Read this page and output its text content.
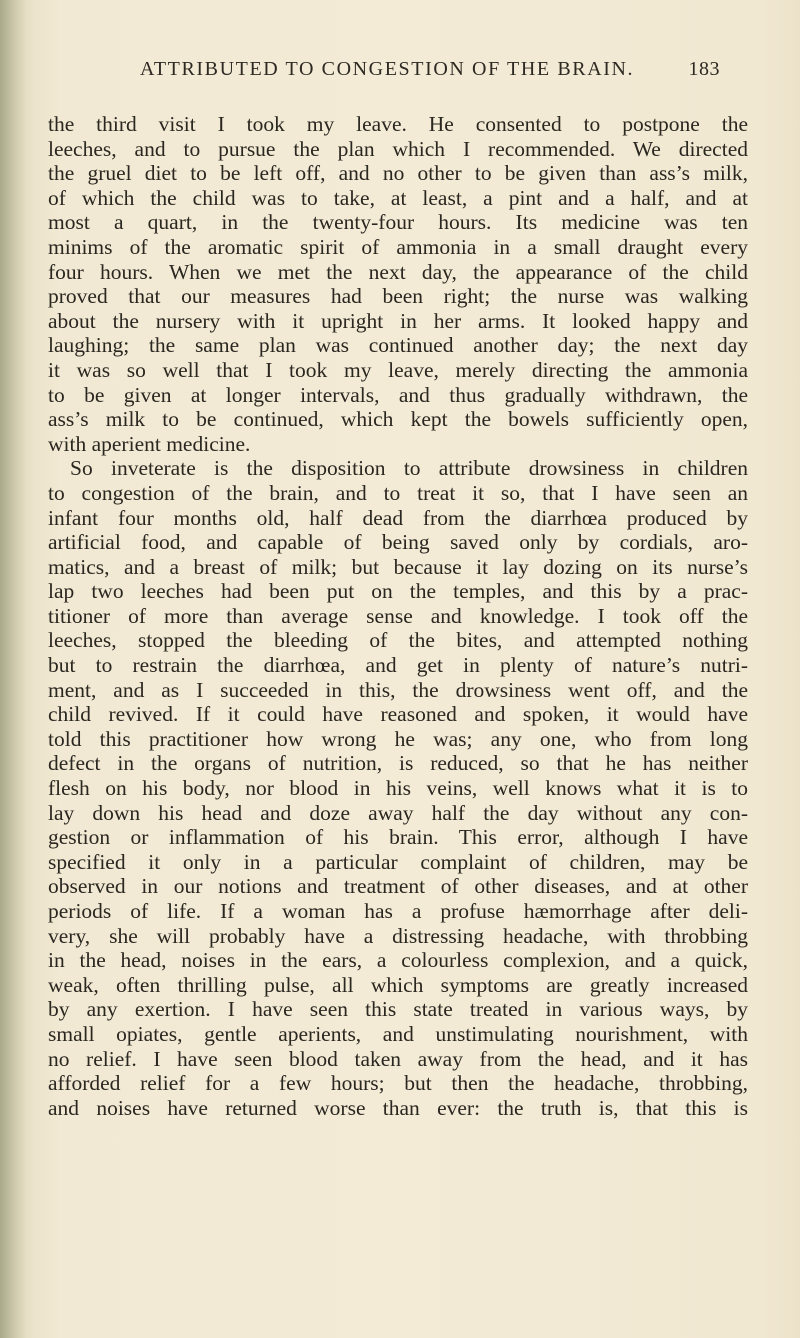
ATTRIBUTED TO CONGESTION OF THE BRAIN.	183
the third visit I took my leave. He consented to postpone the
leeches, and to pursue the plan which I recommended. We directed
the gruel diet to be left off, and no other to be given than ass’s milk,
of which the child was to take, at least, a pint and a half, and at
most a quart, in the twenty-four hours. Its medicine was ten
minims of the aromatic spirit of ammonia in a small draught every
four hours. When we met the next day, the appearance of the child
proved that our measures had been right; the nurse was walking
about the nursery with it upright in her arms. It looked happy and
laughing; the same plan was continued another day; the next day
it was so well that I took my leave, merely directing the ammonia
to be given at longer intervals, and thus gradually withdrawn, the
ass’s milk to be continued, which kept the bowels sufficiently open,
with aperient medicine.
So inveterate is the disposition to attribute drowsiness in children
to congestion of the brain, and to treat it so, that I have seen an
infant four months old, half dead from the diarrhœa produced by
artificial food, and capable of being saved only by cordials, aro-
matics, and a breast of milk; but because it lay dozing on its nurse’s
lap two leeches had been put on the temples, and this by a prac-
titioner of more than average sense and knowledge. I took off the
leeches, stopped the bleeding of the bites, and attempted nothing
but to restrain the diarrhœa, and get in plenty of nature’s nutri-
ment, and as I succeeded in this, the drowsiness went off, and the
child revived. If it could have reasoned and spoken, it would have
told this practitioner how wrong he was; any one, who from long
defect in the organs of nutrition, is reduced, so that he has neither
flesh on his body, nor blood in his veins, well knows what it is to
lay down his head and doze away half the day without any con-
gestion or inflammation of his brain. This error, although I have
specified it only in a particular complaint of children, may be
observed in our notions and treatment of other diseases, and at other
periods of life. If a woman has a profuse hæmorrhage after deli-
very, she will probably have a distressing headache, with throbbing
in the head, noises in the ears, a colourless complexion, and a quick,
weak, often thrilling pulse, all which symptoms are greatly increased
by any exertion. I have seen this state treated in various ways, by
small opiates, gentle aperients, and unstimulating nourishment, with
no relief. I have seen blood taken away from the head, and it has
afforded relief for a few hours; but then the headache, throbbing,
and noises have returned worse than ever: the truth is, that this is
